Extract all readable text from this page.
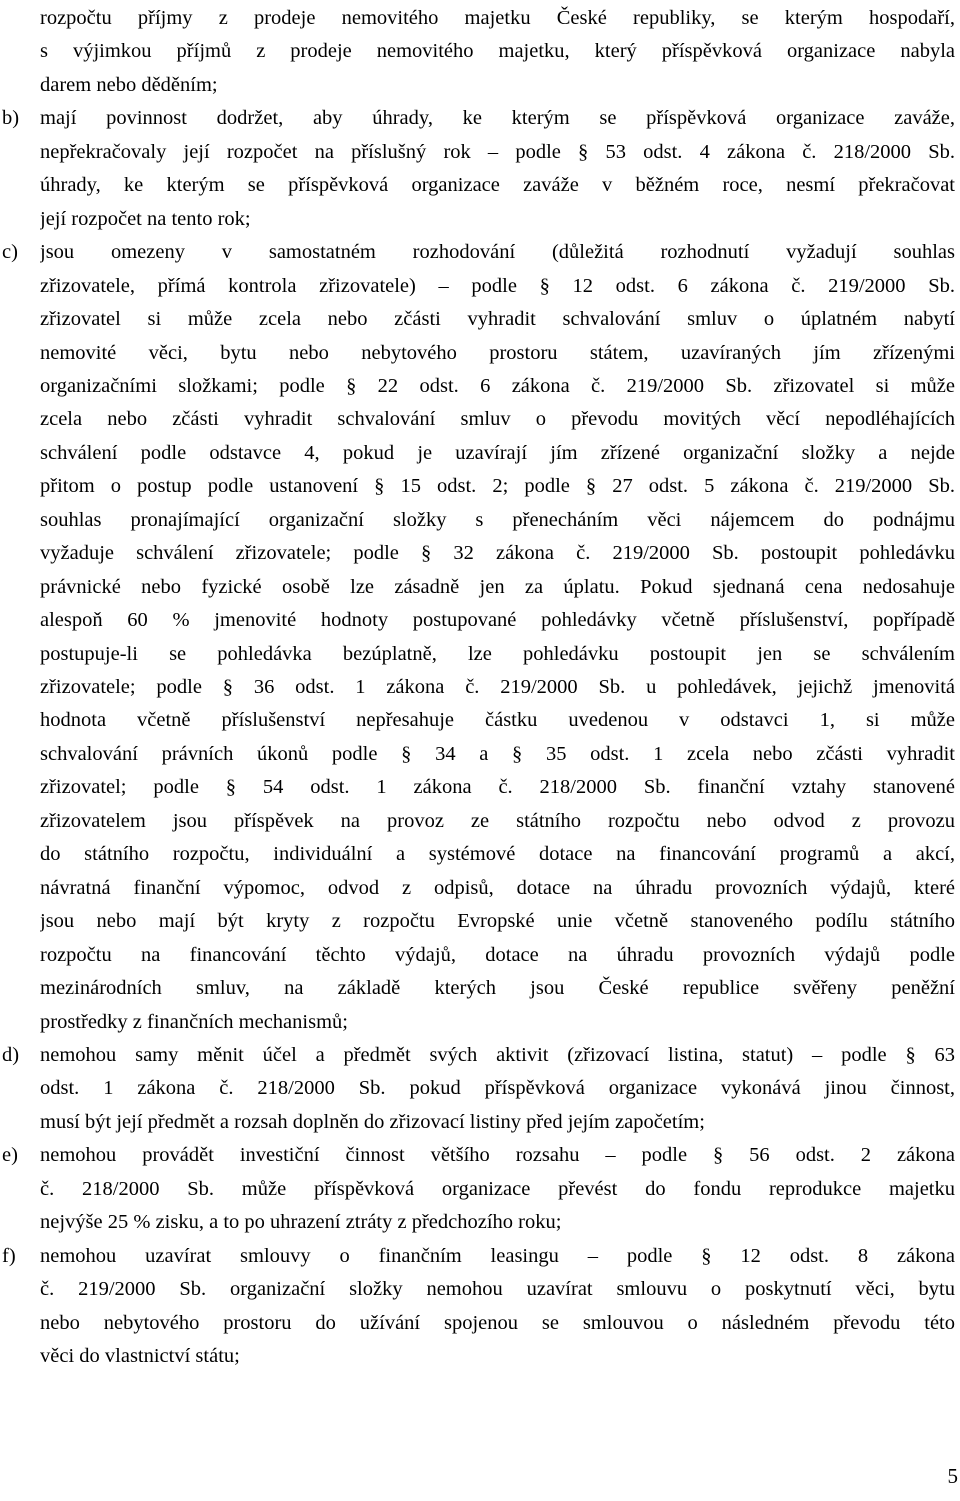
rozpočtu příjmy z prodeje nemovitého majetku České republiky, se kterým hospodaří,
s výjimkou příjmů z prodeje nemovitého majetku, který příspěvková organizace nabyla
darem nebo děděním;
b)	mají povinnost dodržet, aby úhrady, ke kterým se příspěvková organizace zaváže,
nepřekračovaly její rozpočet na příslušný rok – podle § 53 odst. 4 zákona č. 218/2000 Sb.
úhrady, ke kterým se příspěvková organizace zaváže v běžném roce, nesmí překračovat
její rozpočet na tento rok;
c)	jsou omezeny v samostatném rozhodování (důležitá rozhodnutí vyžadují souhlas
zřizovatele, přímá kontrola zřizovatele) – podle § 12 odst. 6 zákona č. 219/2000 Sb.
zřizovatel si může zcela nebo zčásti vyhradit schvalování smluv o úplatném nabytí
nemovité věci, bytu nebo nebytového prostoru státem, uzavíraných jím zřízenými
organizačními složkami; podle § 22 odst. 6 zákona č. 219/2000 Sb. zřizovatel si může
zcela nebo zčásti vyhradit schvalování smluv o převodu movitých věcí nepodléhajících
schválení podle odstavce 4, pokud je uzavírají jím zřízené organizační složky a nejde
přitom o postup podle ustanovení § 15 odst. 2; podle § 27 odst. 5 zákona č. 219/2000 Sb.
souhlas pronajímající organizační složky s přenecháním věci nájemcem do podnájmu
vyžaduje schválení zřizovatele; podle § 32 zákona č. 219/2000 Sb. postoupit pohledávku
právnické nebo fyzické osobě lze zásadně jen za úplatu. Pokud sjednaná cena nedosahuje
alespoň 60 % jmenovité hodnoty postupované pohledávky včetně příslušenství, popřípadě
postupuje-li se pohledávka bezúplatně, lze pohledávku postoupit jen se schválením
zřizovatele; podle § 36 odst. 1 zákona č. 219/2000 Sb. u pohledávek, jejichž jmenovitá
hodnota včetně příslušenství nepřesahuje částku uvedenou v odstavci 1, si může
schvalování právních úkonů podle § 34 a § 35 odst. 1 zcela nebo zčásti vyhradit
zřizovatel; podle § 54 odst. 1 zákona č. 218/2000 Sb. finanční vztahy stanovené
zřizovatelem jsou příspěvek na provoz ze státního rozpočtu nebo odvod z provozu
do státního rozpočtu, individuální a systémové dotace na financování programů a akcí,
návratná finanční výpomoc, odvod z odpisů, dotace na úhradu provozních výdajů, které
jsou nebo mají být kryty z rozpočtu Evropské unie včetně stanoveného podílu státního
rozpočtu na financování těchto výdajů, dotace na úhradu provozních výdajů podle
mezinárodních smluv, na základě kterých jsou České republice svěřeny peněžní
prostředky z finančních mechanismů;
d)	nemohou samy měnit účel a předmět svých aktivit (zřizovací listina, statut) – podle § 63
odst. 1 zákona č. 218/2000 Sb. pokud příspěvková organizace vykonává jinou činnost,
musí být její předmět a rozsah doplněn do zřizovací listiny před jejím započetím;
e)	nemohou provádět investiční činnost většího rozsahu – podle § 56 odst. 2 zákona
č. 218/2000 Sb. může příspěvková organizace převést do fondu reprodukce majetku
nejvýše 25 % zisku, a to po uhrazení ztráty z předchozího roku;
f)	nemohou uzavírat smlouvy o finančním leasingu – podle § 12 odst. 8 zákona
č. 219/2000 Sb. organizační složky nemohou uzavírat smlouvu o poskytnutí věci, bytu
nebo nebytového prostoru do užívání spojenou se smlouvou o následném převodu této
věci do vlastnictví státu;
5
